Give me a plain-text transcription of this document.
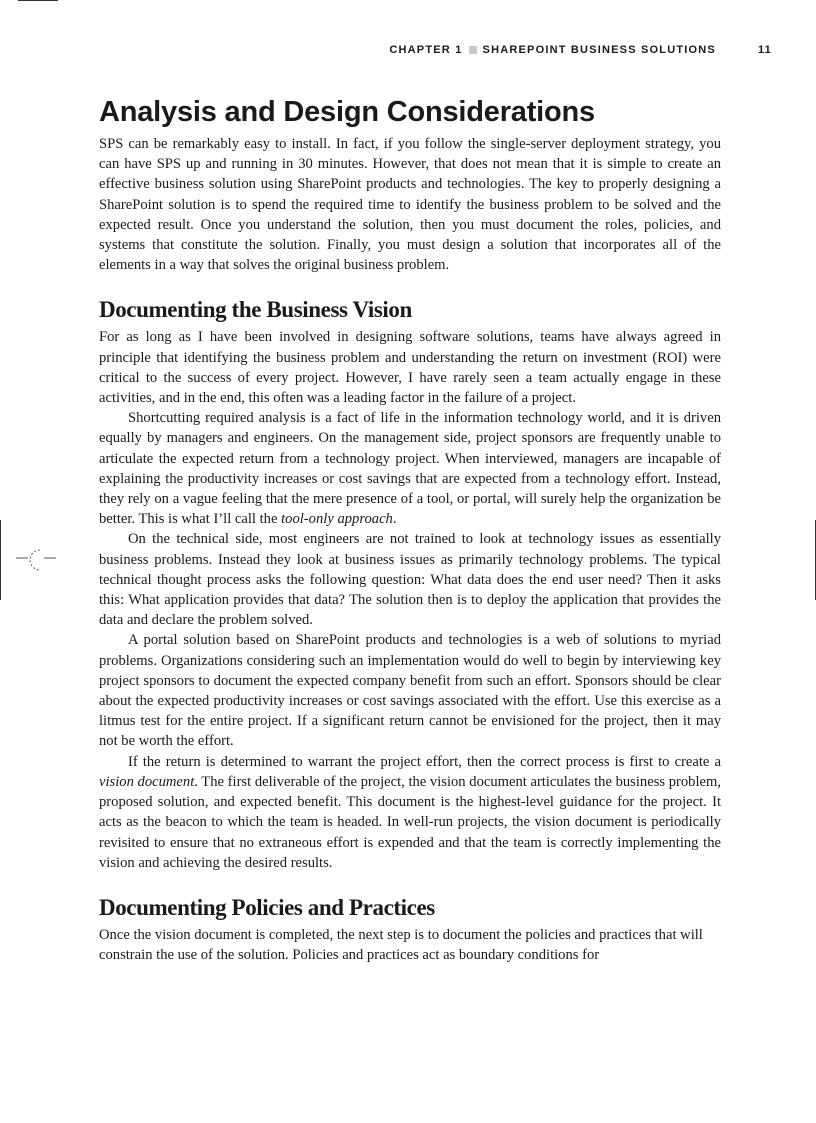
CHAPTER 1 SHAREPOINT BUSINESS SOLUTIONS	11
Analysis and Design Considerations

SPS can be remarkably easy to install. In fact, if you follow the single-server deployment strategy, you can have SPS up and running in 30 minutes. However, that does not mean that it is simple to create an effective business solution using SharePoint products and technologies. The key to properly designing a SharePoint solution is to spend the required time to identify the business problem to be solved and the expected result. Once you understand the solution, then you must document the roles, policies, and systems that constitute the solution. Finally, you must design a solution that incorporates all of the elements in a way that solves the original business problem.

Documenting the Business Vision

For as long as I have been involved in designing software solutions, teams have always agreed in principle that identifying the business problem and understanding the return on investment (ROI) were critical to the success of every project. However, I have rarely seen a team actually engage in these activities, and in the end, this often was a leading factor in the failure of a project.

Shortcutting required analysis is a fact of life in the information technology world, and it is driven equally by managers and engineers. On the management side, project sponsors are frequently unable to articulate the expected return from a technology project. When interviewed, managers are incapable of explaining the productivity increases or cost savings that are expected from a technology effort. Instead, they rely on a vague feeling that the mere presence of a tool, or portal, will surely help the organization be better. This is what I’ll call the tool-only approach.

On the technical side, most engineers are not trained to look at technology issues as essentially business problems. Instead they look at business issues as primarily technology problems. The typical technical thought process asks the following question: What data does the end user need? Then it asks this: What application provides that data? The solution then is to deploy the application that provides the data and declare the problem solved.

A portal solution based on SharePoint products and technologies is a web of solutions to myriad problems. Organizations considering such an implementation would do well to begin by interviewing key project sponsors to document the expected company benefit from such an effort. Sponsors should be clear about the expected productivity increases or cost savings associated with the effort. Use this exercise as a litmus test for the entire project. If a significant return cannot be envisioned for the project, then it may not be worth the effort.

If the return is determined to warrant the project effort, then the correct process is first to create a vision document. The first deliverable of the project, the vision document articulates the business problem, proposed solution, and expected benefit. This document is the highest-level guidance for the project. It acts as the beacon to which the team is headed. In well-run projects, the vision document is periodically revisited to ensure that no extraneous effort is expended and that the team is correctly implementing the vision and achieving the desired results.

Documenting Policies and Practices

Once the vision document is completed, the next step is to document the policies and practices that will constrain the use of the solution. Policies and practices act as boundary conditions for
